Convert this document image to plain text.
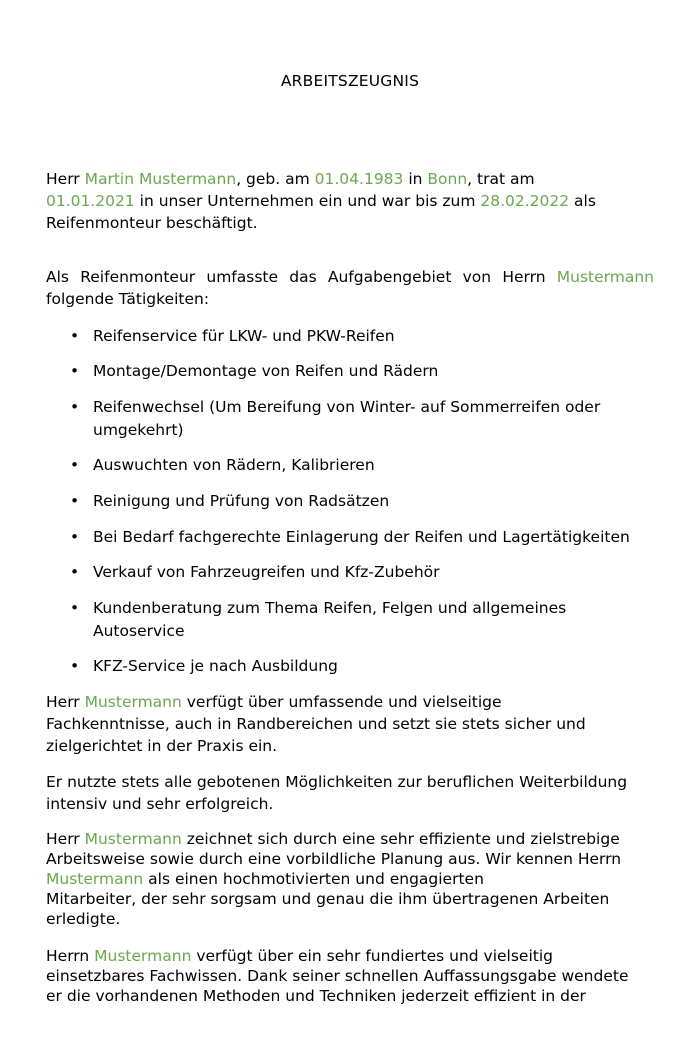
ARBEITSZEUGNIS
Herr Martin Mustermann, geb. am 01.04.1983 in Bonn, trat am
01.01.2021 in unser Unternehmen ein und war bis zum 28.02.2022 als
Reifenmonteur beschäftigt.
Als Reifenmonteur umfasste das Aufgabengebiet von Herrn Mustermann
folgende Tätigkeiten:
• Reifenservice für LKW- und PKW-Reifen
• Montage/Demontage von Reifen und Rädern
• Reifenwechsel (Um Bereifung von Winter- auf Sommerreifen oder
umgekehrt)
• Auswuchten von Rädern, Kalibrieren
• Reinigung und Prüfung von Radsätzen
• Bei Bedarf fachgerechte Einlagerung der Reifen und Lagertätigkeiten
• Verkauf von Fahrzeugreifen und Kfz-Zubehör
• Kundenberatung zum Thema Reifen, Felgen und allgemeines
Autoservice
• KFZ-Service je nach Ausbildung
Herr Mustermann verfügt über umfassende und vielseitige
Fachkenntnisse, auch in Randbereichen und setzt sie stets sicher und
zielgerichtet in der Praxis ein.
Er nutzte stets alle gebotenen Möglichkeiten zur beruflichen Weiterbildung
intensiv und sehr erfolgreich.
Herr Mustermann zeichnet sich durch eine sehr effiziente und zielstrebige
Arbeitsweise sowie durch eine vorbildliche Planung aus. Wir kennen Herrn
Mustermann als einen hochmotivierten und engagierten
Mitarbeiter, der sehr sorgsam und genau die ihm übertragenen Arbeiten
erledigte.
Herrn Mustermann verfügt über ein sehr fundiertes und vielseitig
einsetzbares Fachwissen. Dank seiner schnellen Auffassungsgabe wendete
er die vorhandenen Methoden und Techniken jederzeit effizient in der
